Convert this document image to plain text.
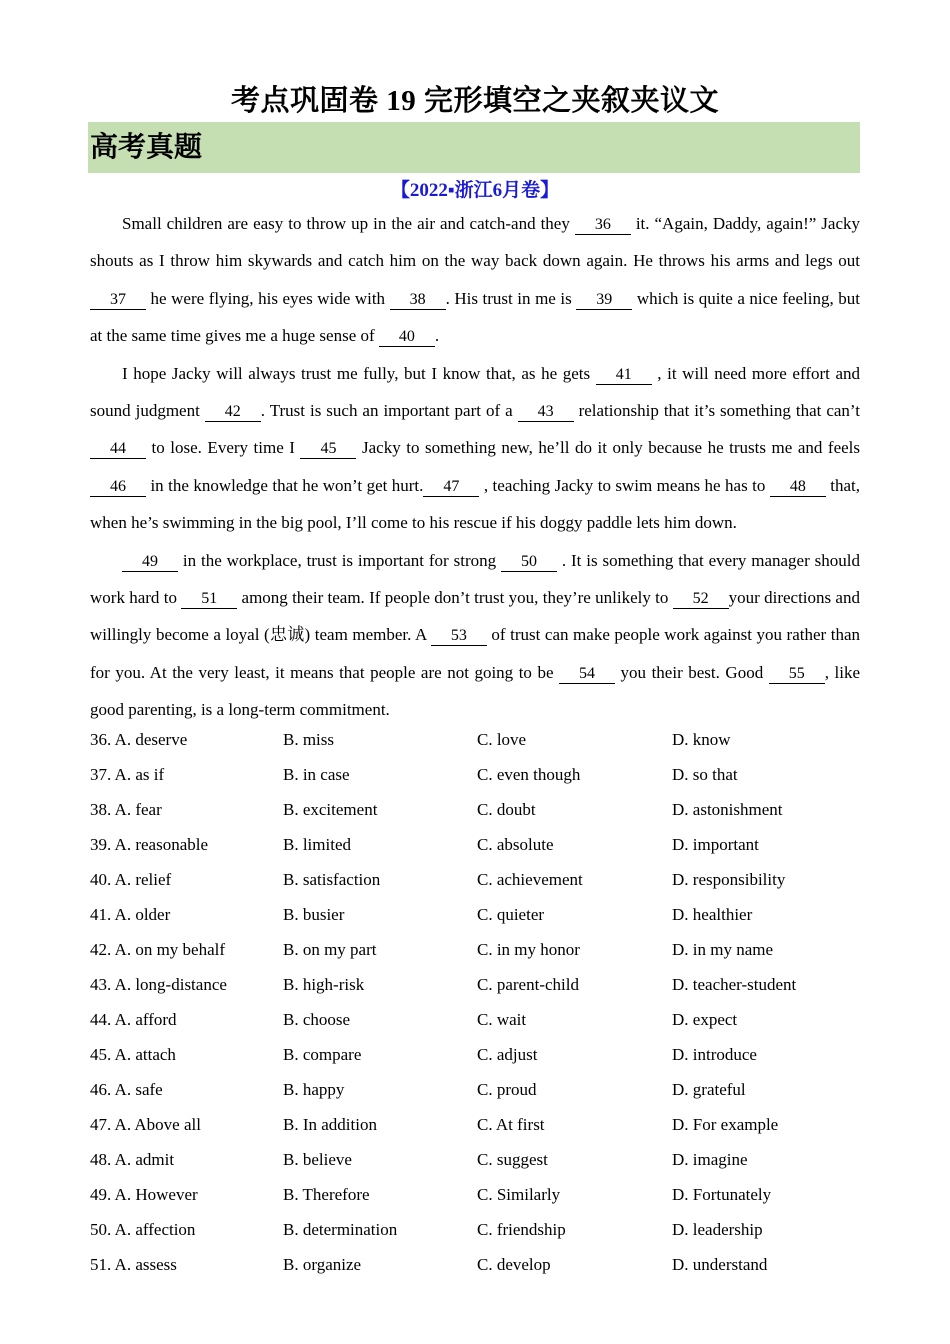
考点巩固卷 19 完形填空之夹叙夹议文
高考真题
【2022▪浙江6月卷】
Small children are easy to throw up in the air and catch-and they 36 it. “Again, Daddy, again!” Jacky shouts as I throw him skywards and catch him on the way back down again. He throws his arms and legs out 37 he were flying, his eyes wide with 38 . His trust in me is 39 which is quite a nice feeling, but at the same time gives me a huge sense of 40 .
I hope Jacky will always trust me fully, but I know that, as he gets 41 , it will need more effort and sound judgment 42 . Trust is such an important part of a 43 relationship that it’s something that can’t 44 to lose. Every time I 45 Jacky to something new, he’ll do it only because he trusts me and feels 46 in the knowledge that he won’t get hurt. 47 , teaching Jacky to swim means he has to 48 that, when he’s swimming in the big pool, I’ll come to his rescue if his doggy paddle lets him down.
49 in the workplace, trust is important for strong 50 . It is something that every manager should work hard to 51 among their team. If people don’t trust you, they’re unlikely to 52 your directions and willingly become a loyal (忠诚) team member. A 53 of trust can make people work against you rather than for you. At the very least, it means that people are not going to be 54 you their best. Good 55 , like good parenting, is a long-term commitment.
36. A. deserve	B. miss	C. love	D. know
37. A. as if	B. in case	C. even though	D. so that
38. A. fear	B. excitement	C. doubt	D. astonishment
39. A. reasonable	B. limited	C. absolute	D. important
40. A. relief	B. satisfaction	C. achievement	D. responsibility
41. A. older	B. busier	C. quieter	D. healthier
42. A. on my behalf	B. on my part	C. in my honor	D. in my name
43. A. long-distance	B. high-risk	C. parent-child	D. teacher-student
44. A. afford	B. choose	C. wait	D. expect
45. A. attach	B. compare	C. adjust	D. introduce
46. A. safe	B. happy	C. proud	D. grateful
47. A. Above all	B. In addition	C. At first	D. For example
48. A. admit	B. believe	C. suggest	D. imagine
49. A. However	B. Therefore	C. Similarly	D. Fortunately
50. A. affection	B. determination	C. friendship	D. leadership
51. A. assess	B. organize	C. develop	D. understand
